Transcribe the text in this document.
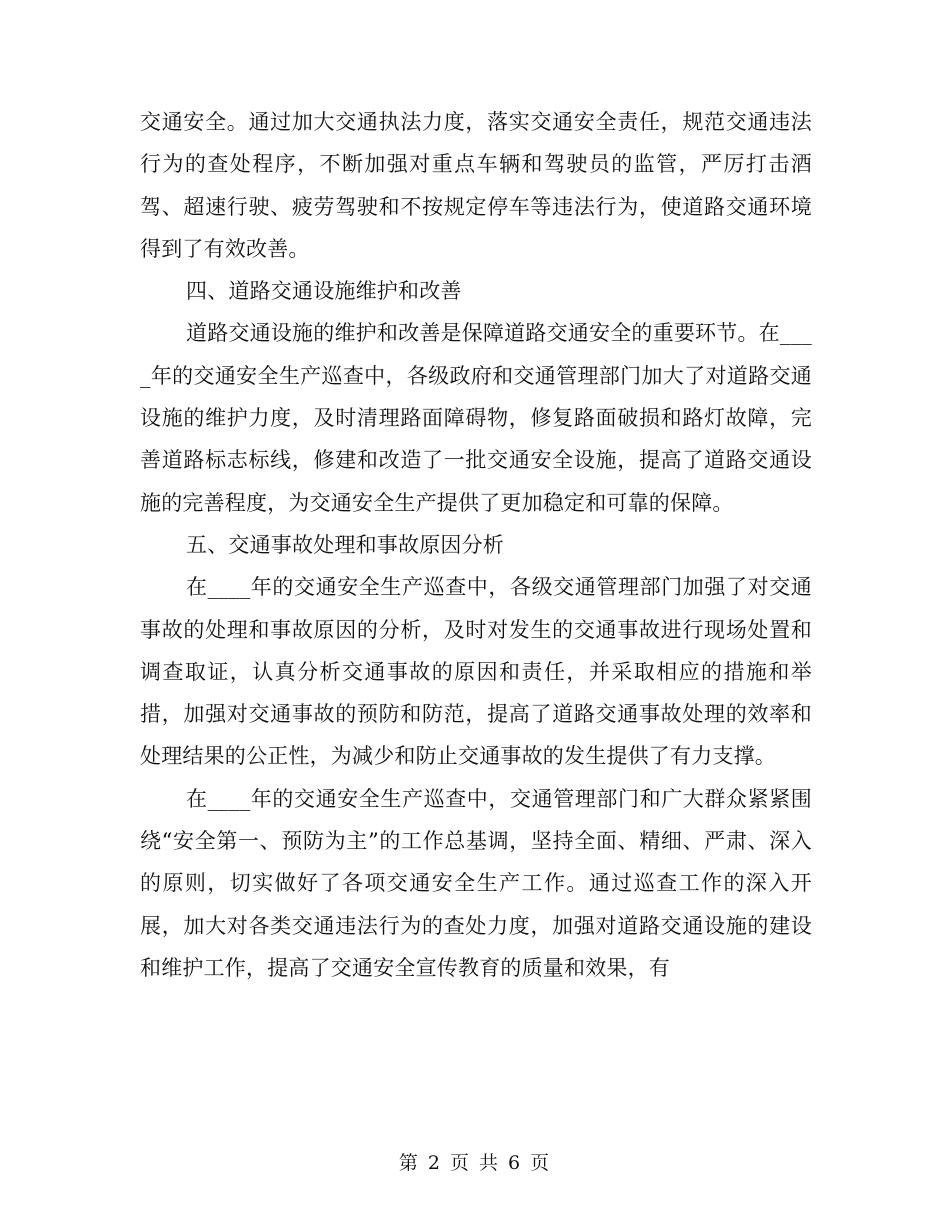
交通安全。通过加大交通执法力度，落实交通安全责任，规范交通违法行为的查处程序，不断加强对重点车辆和驾驶员的监管，严厉打击酒驾、超速行驶、疲劳驾驶和不按规定停车等违法行为，使道路交通环境得到了有效改善。

四、道路交通设施维护和改善

道路交通设施的维护和改善是保障道路交通安全的重要环节。在____年的交通安全生产巡查中，各级政府和交通管理部门加大了对道路交通设施的维护力度，及时清理路面障碍物，修复路面破损和路灯故障，完善道路标志标线，修建和改造了一批交通安全设施，提高了道路交通设施的完善程度，为交通安全生产提供了更加稳定和可靠的保障。

五、交通事故处理和事故原因分析

在____年的交通安全生产巡查中，各级交通管理部门加强了对交通事故的处理和事故原因的分析，及时对发生的交通事故进行现场处置和调查取证，认真分析交通事故的原因和责任，并采取相应的措施和举措，加强对交通事故的预防和防范，提高了道路交通事故处理的效率和处理结果的公正性，为减少和防止交通事故的发生提供了有力支撑。

在____年的交通安全生产巡查中，交通管理部门和广大群众紧紧围绕“安全第一、预防为主”的工作总基调，坚持全面、精细、严肃、深入的原则，切实做好了各项交通安全生产工作。通过巡查工作的深入开展，加大对各类交通违法行为的查处力度，加强对道路交通设施的建设和维护工作，提高了交通安全宣传教育的质量和效果，有

第 2 页 共 6 页
